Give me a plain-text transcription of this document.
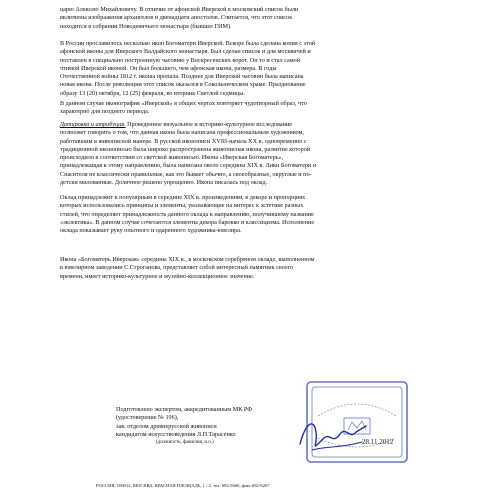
царю Алексею Михайловичу. В отличие от афонской Иверской в московский список были
включены изображения архангелов и двенадцати апостолов. Считается, что этот список
находится в собрании Новодевичьего монастыря (бывшее ГИМ).
В России прославилось несколько икон Богоматери Иверской. Вскоре была сделана копия с этой
афонской иконы для Иверского Валдайского монастыря. Был сделан список и для москвичей и
поставлен в специально построенную часовню у Воскресенских ворот. Он то и стал самой
чтимой Иверской иконой. Он был большего, чем афонская икона, размера. В годы
Отечественной войны 1812 г. иконы пропала. Позднее для Иверской часовни была написана
новая икона. После революции этот список оказался в Сокольническом храме. Празднование
образу 13 (20) октября, 12 (25) февраля, во вторник Светлой седмицы.
В данном случае иконография «Иверской» в общих чертах повторяет чудотворный образ, что
характерно для позднего периода.
Датировка и атрибуция. Проведенное визуальное и историко-культурное исследование
позволяет говорить о том, что данная икона была написана профессиональным художником,
работавшим в живописной манере. В русской иконописи XVIII-начала XX в. одновременно с
традиционной иконописью была широко распространена живописная икона, развитие которой
происходило в соответствии со светской живописью. Икона «Иверская Богоматерь»,
принадлежащая к этому направлению, была написана около середины XIX в. Лики Богоматери и
Спасителя не классически правильные, как это бывает обычно, а своеобразные, округлые и по-
детски милованные. Доличное решено упрощенно. Икона писалась под оклад.
Оклад принадлежит к популярным в середине XIX в. произведениям, в декоре и пропорциях
которых использовались принципы и элементы, указывающие на интерес к эстетике разных
стилей, что определяет принадлежность данного оклада к направлению, получившему название
«эклектика». В данном случае сочетаются элементы декора барокко и классицизма. Исполнение
оклада показывает руку опытного и одаренного художника-ювелира.
Икона «Богоматерь Иверская» середины XIX в., в московском серебряном окладе, выполненном
в ювелирном заведении С.Строганова, представляет собой интересный памятник своего
времени, имеет историко-культурное и музейно-коллекционное значение.
Подготовлено экспертом, аккредитованным МК РФ
(удостоверение № 196),
зав. отделом древнерусской живописи
кандидатом искусствоведения Л.П.Тарасенко
(должность, фамилия, и.о.)	28.11.2012
РОССИЯ, 109012, МОСКВА, КРАСНАЯ ПЛОЩАДЬ, 1 / 2, тел. 692-5660, факс 692-6267
